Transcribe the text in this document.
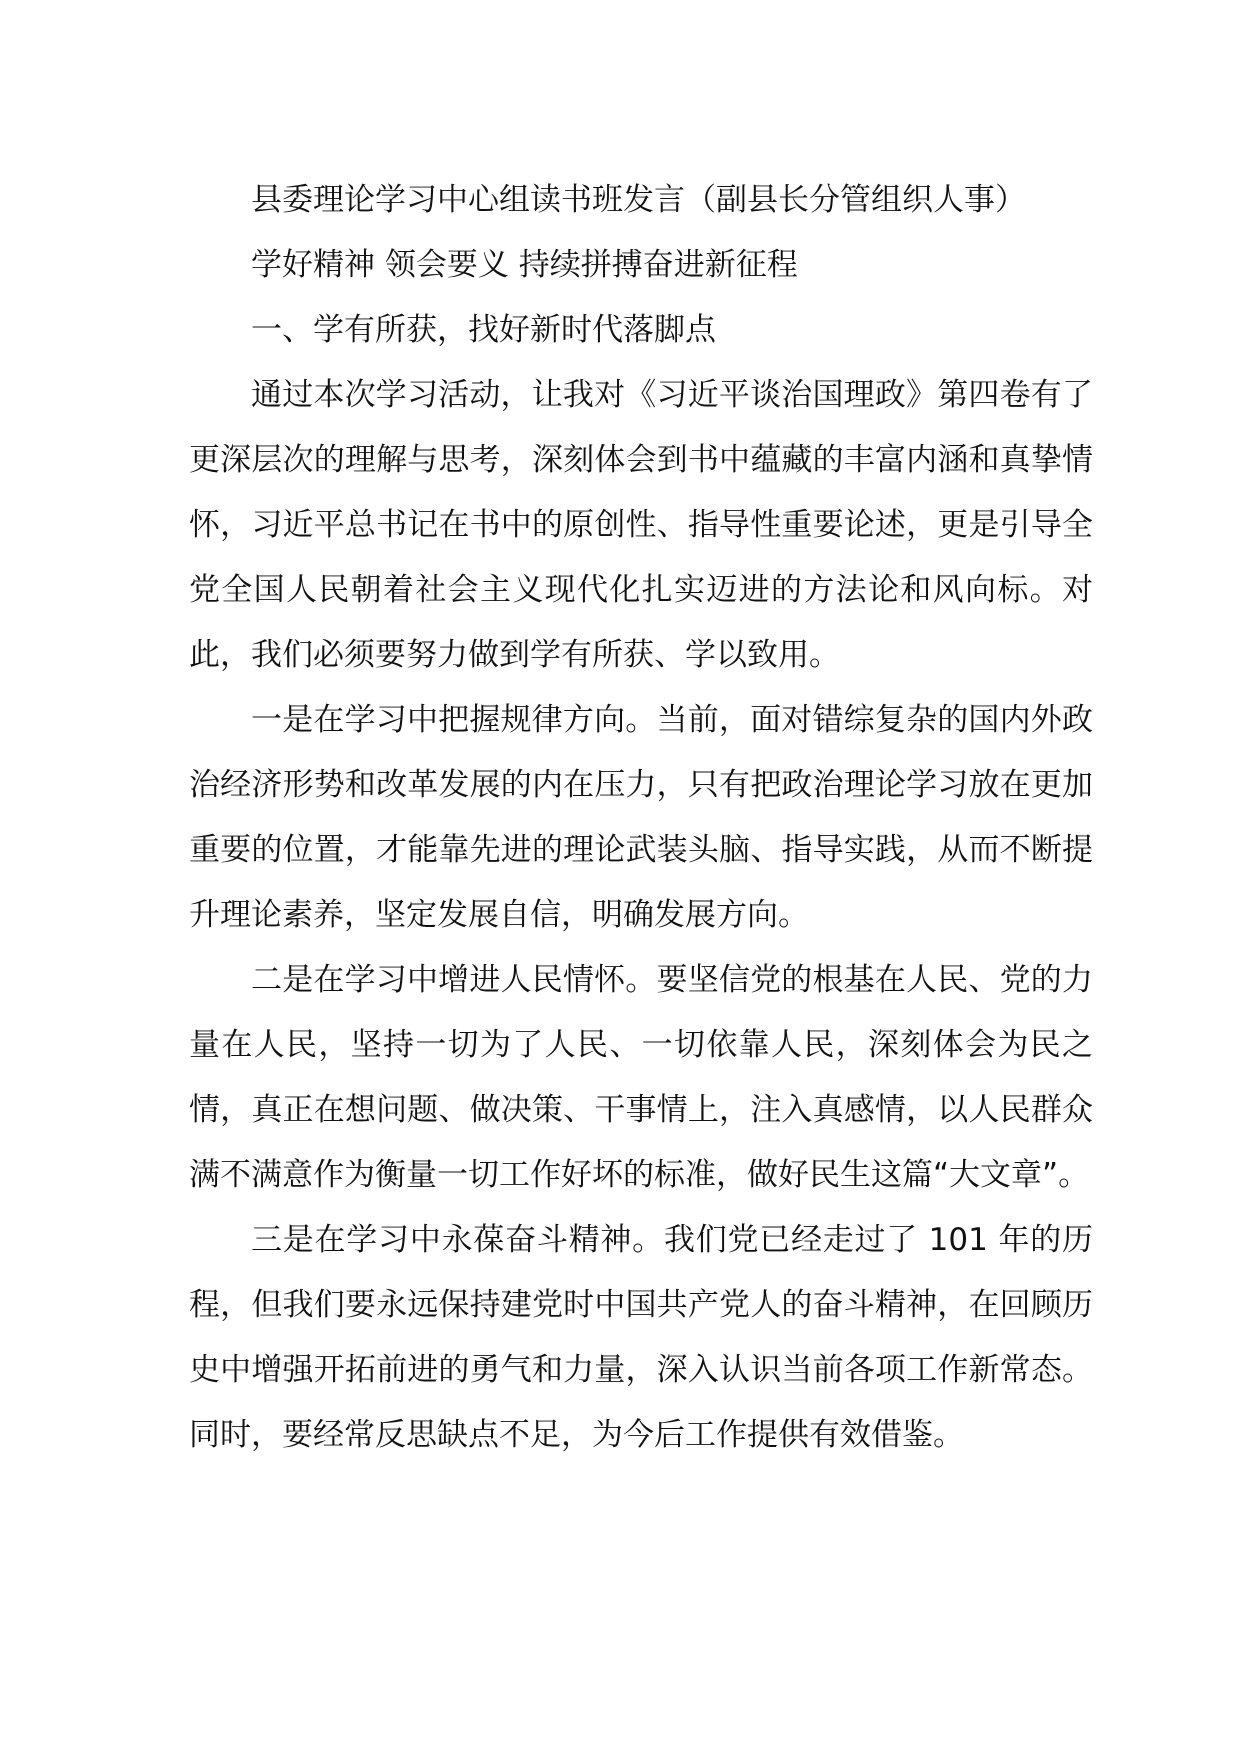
县委理论学习中心组读书班发言（副县长分管组织人事）

学好精神 领会要义 持续拼搏奋进新征程

一、学有所获，找好新时代落脚点

通过本次学习活动，让我对《习近平谈治国理政》第四卷有了更深层次的理解与思考，深刻体会到书中蕴藏的丰富内涵和真挚情怀，习近平总书记在书中的原创性、指导性重要论述，更是引导全党全国人民朝着社会主义现代化扎实迈进的方法论和风向标。对此，我们必须要努力做到学有所获、学以致用。

一是在学习中把握规律方向。当前，面对错综复杂的国内外政治经济形势和改革发展的内在压力，只有把政治理论学习放在更加重要的位置，才能靠先进的理论武装头脑、指导实践，从而不断提升理论素养，坚定发展自信，明确发展方向。

二是在学习中增进人民情怀。要坚信党的根基在人民、党的力量在人民，坚持一切为了人民、一切依靠人民，深刻体会为民之情，真正在想问题、做决策、干事情上，注入真感情，以人民群众满不满意作为衡量一切工作好坏的标准，做好民生这篇“大文章”。

三是在学习中永葆奋斗精神。我们党已经走过了 101 年的历程，但我们要永远保持建党时中国共产党人的奋斗精神，在回顾历史中增强开拓前进的勇气和力量，深入认识当前各项工作新常态。同时，要经常反思缺点不足，为今后工作提供有效借鉴。
